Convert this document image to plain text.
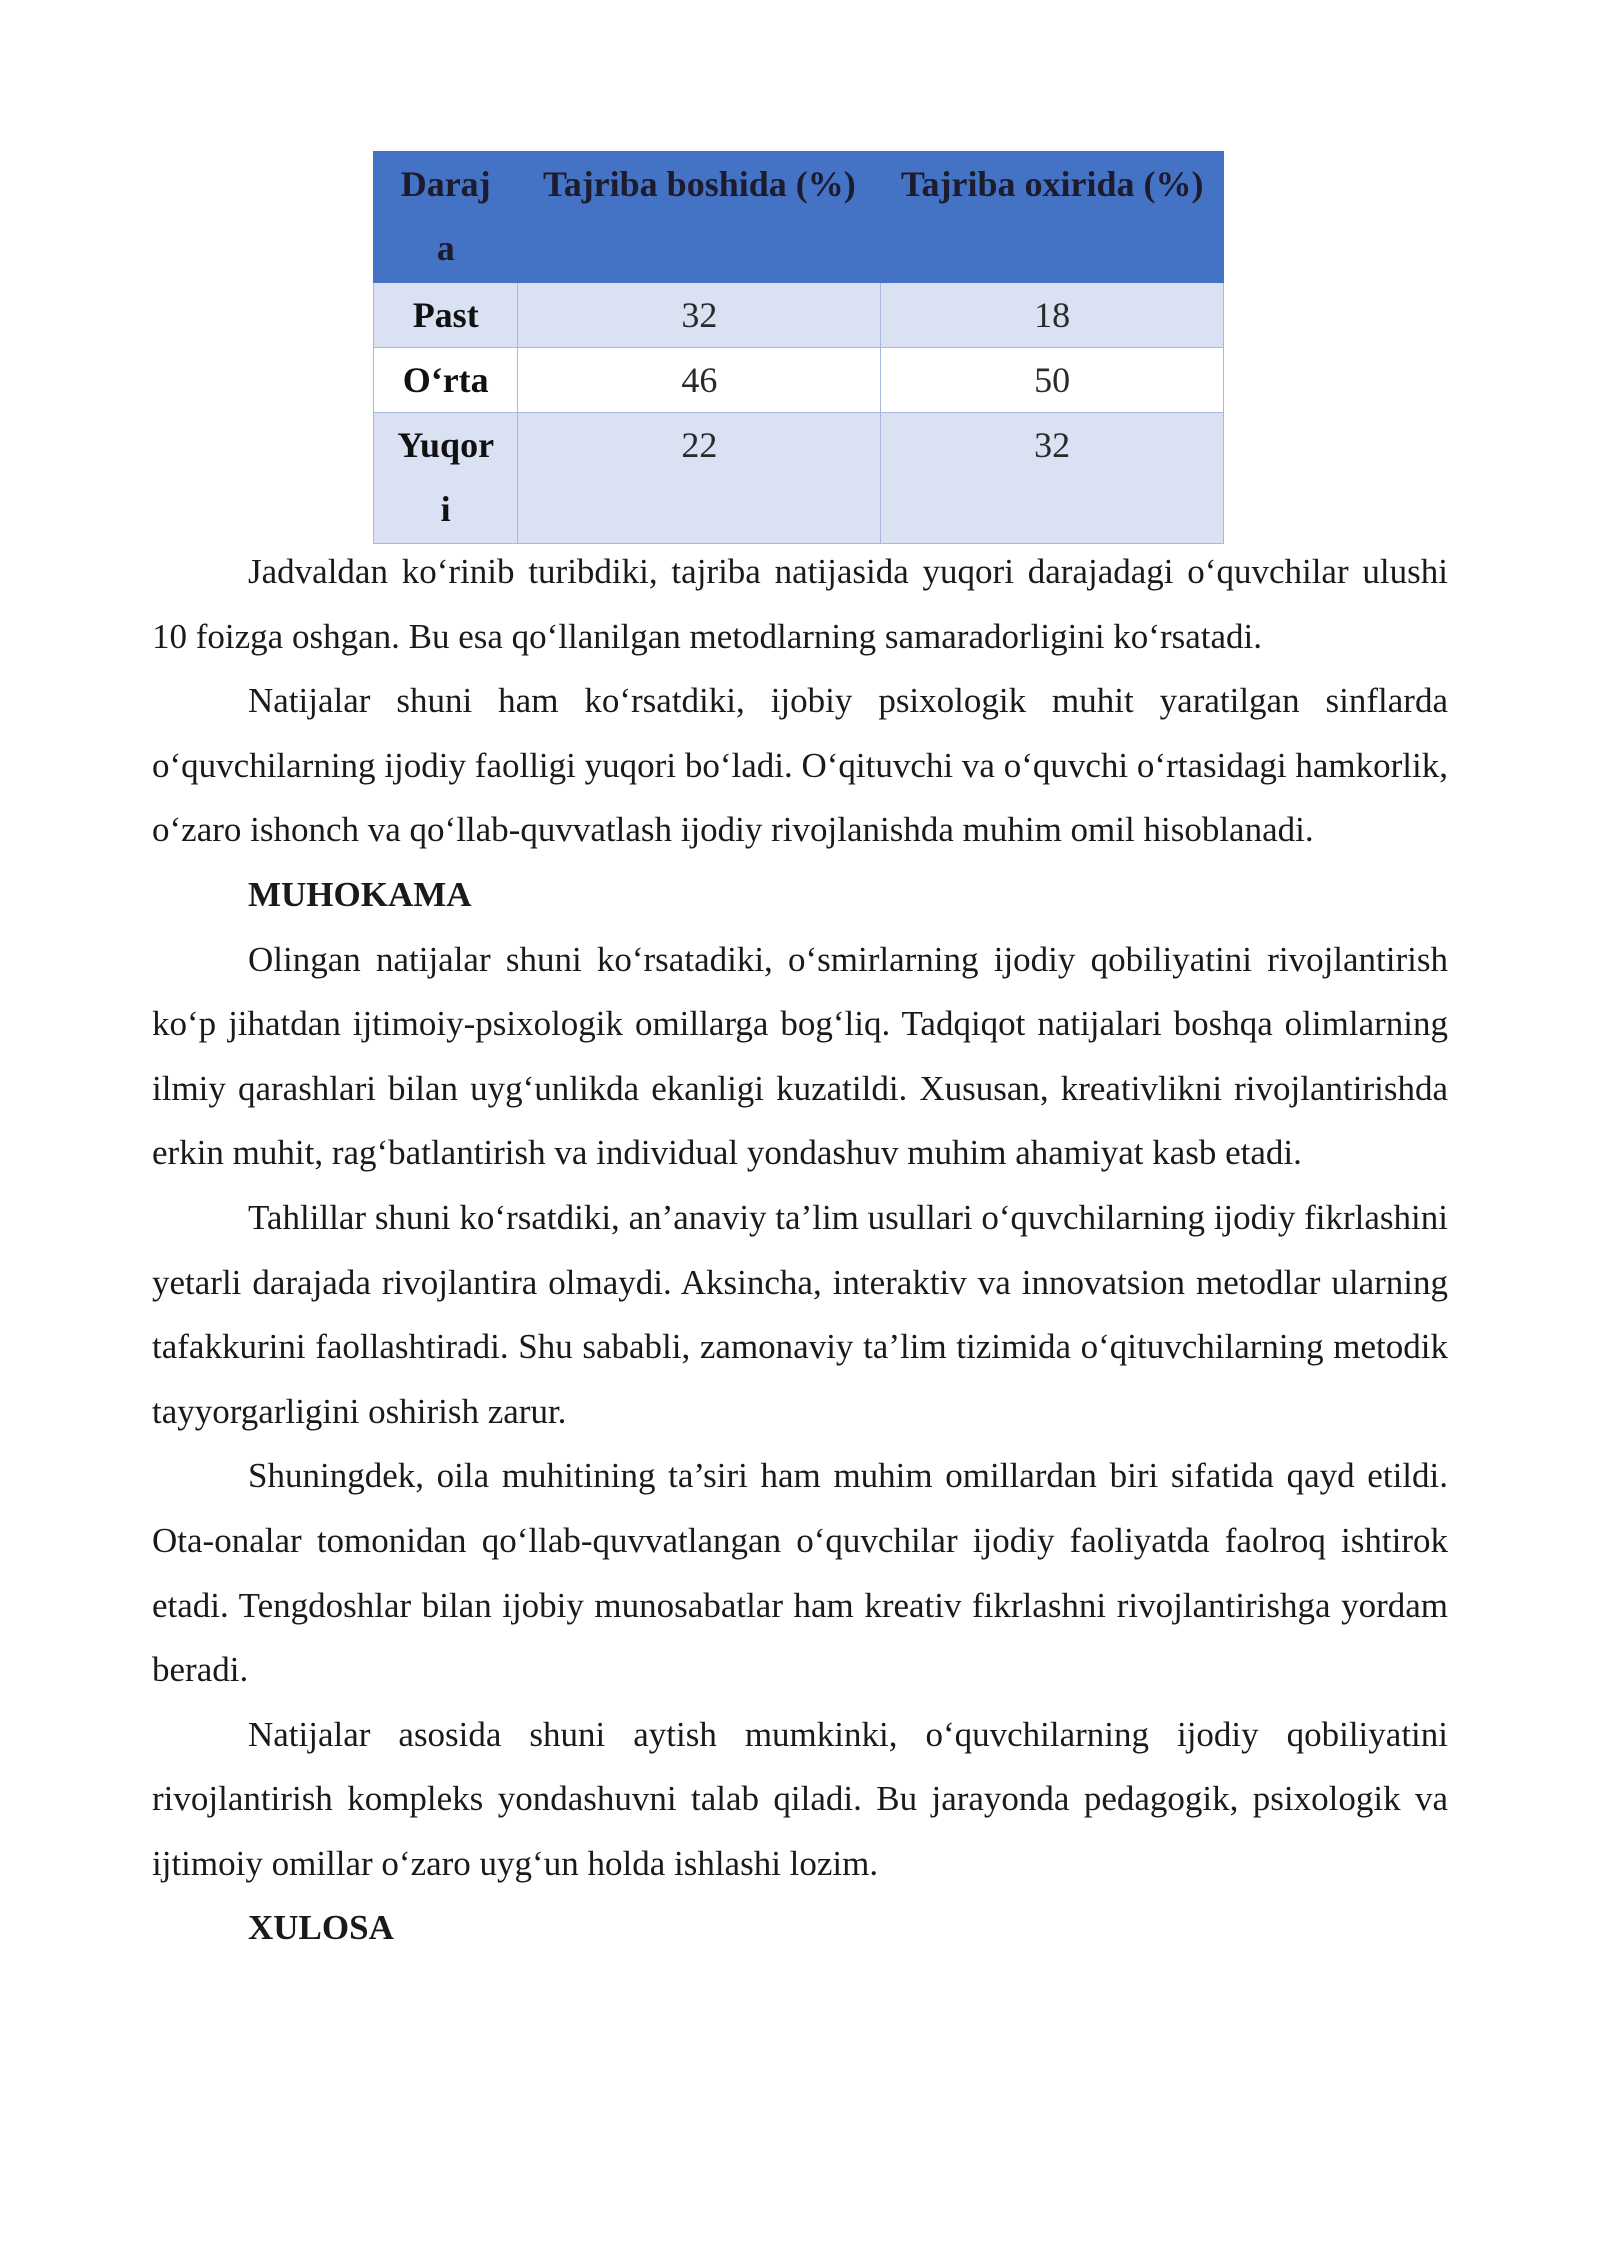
Daraja	Tajriba boshida (%)	Tajriba oxirida (%)
Past	32	18
O‘rta	46	50
Yuqori	22	32

Jadvaldan ko‘rinib turibdiki, tajriba natijasida yuqori darajadagi o‘quvchilar ulushi 10 foizga oshgan. Bu esa qo‘llanilgan metodlarning samaradorligini ko‘rsatadi.

Natijalar shuni ham ko‘rsatdiki, ijobiy psixologik muhit yaratilgan sinflarda o‘quvchilarning ijodiy faolligi yuqori bo‘ladi. O‘qituvchi va o‘quvchi o‘rtasidagi hamkorlik, o‘zaro ishonch va qo‘llab-quvvatlash ijodiy rivojlanishda muhim omil hisoblanadi.

MUHOKAMA

Olingan natijalar shuni ko‘rsatadiki, o‘smirlarning ijodiy qobiliyatini rivojlantirish ko‘p jihatdan ijtimoiy-psixologik omillarga bog‘liq. Tadqiqot natijalari boshqa olimlarning ilmiy qarashlari bilan uyg‘unlikda ekanligi kuzatildi. Xususan, kreativlikni rivojlantirishda erkin muhit, rag‘batlantirish va individual yondashuv muhim ahamiyat kasb etadi.

Tahlillar shuni ko‘rsatdiki, an’anaviy ta’lim usullari o‘quvchilarning ijodiy fikrlashini yetarli darajada rivojlantira olmaydi. Aksincha, interaktiv va innovatsion metodlar ularning tafakkurini faollashtiradi. Shu sababli, zamonaviy ta’lim tizimida o‘qituvchilarning metodik tayyorgarligini oshirish zarur.

Shuningdek, oila muhitining ta’siri ham muhim omillardan biri sifatida qayd etildi. Ota-onalar tomonidan qo‘llab-quvvatlangan o‘quvchilar ijodiy faoliyatda faolroq ishtirok etadi. Tengdoshlar bilan ijobiy munosabatlar ham kreativ fikrlashni rivojlantirishga yordam beradi.

Natijalar asosida shuni aytish mumkinki, o‘quvchilarning ijodiy qobiliyatini rivojlantirish kompleks yondashuvni talab qiladi. Bu jarayonda pedagogik, psixologik va ijtimoiy omillar o‘zaro uyg‘un holda ishlashi lozim.

XULOSA
